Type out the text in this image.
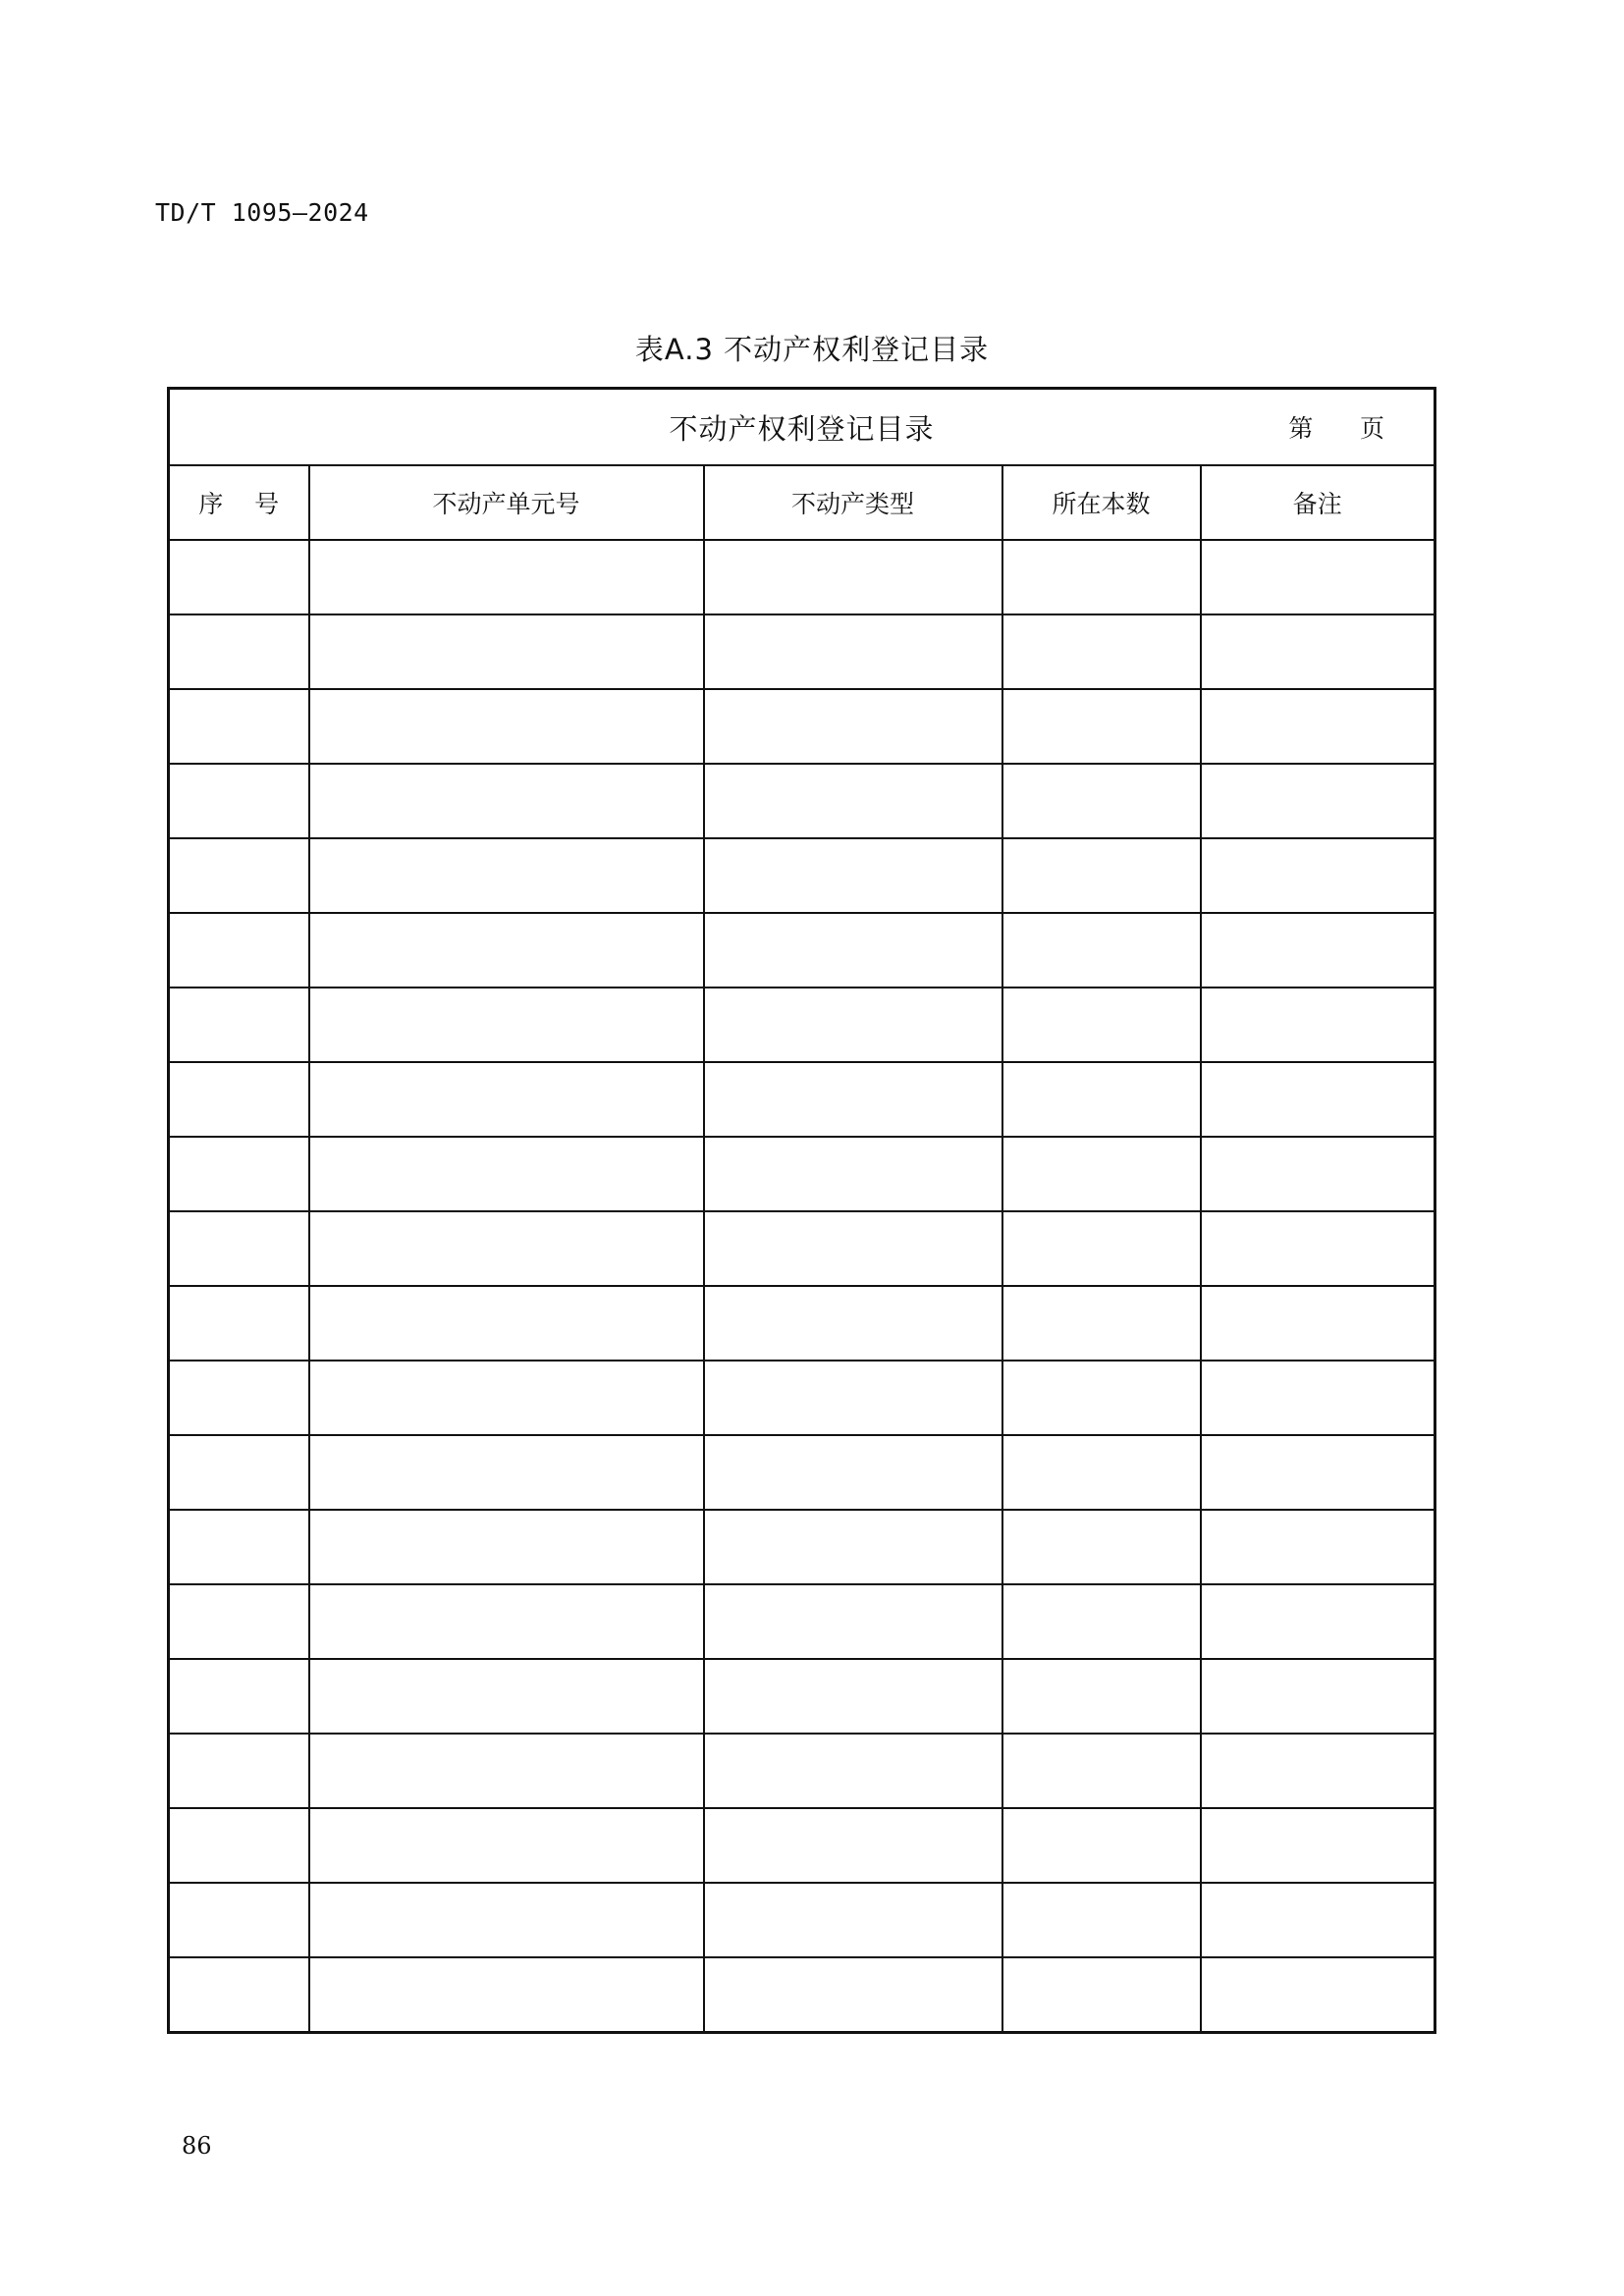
TD/T 1095—2024
表A.3 不动产权利登记目录
不动产权利登记目录 第      页				

序    号	不动产单元号	不动产类型	所在本数	备注

86
